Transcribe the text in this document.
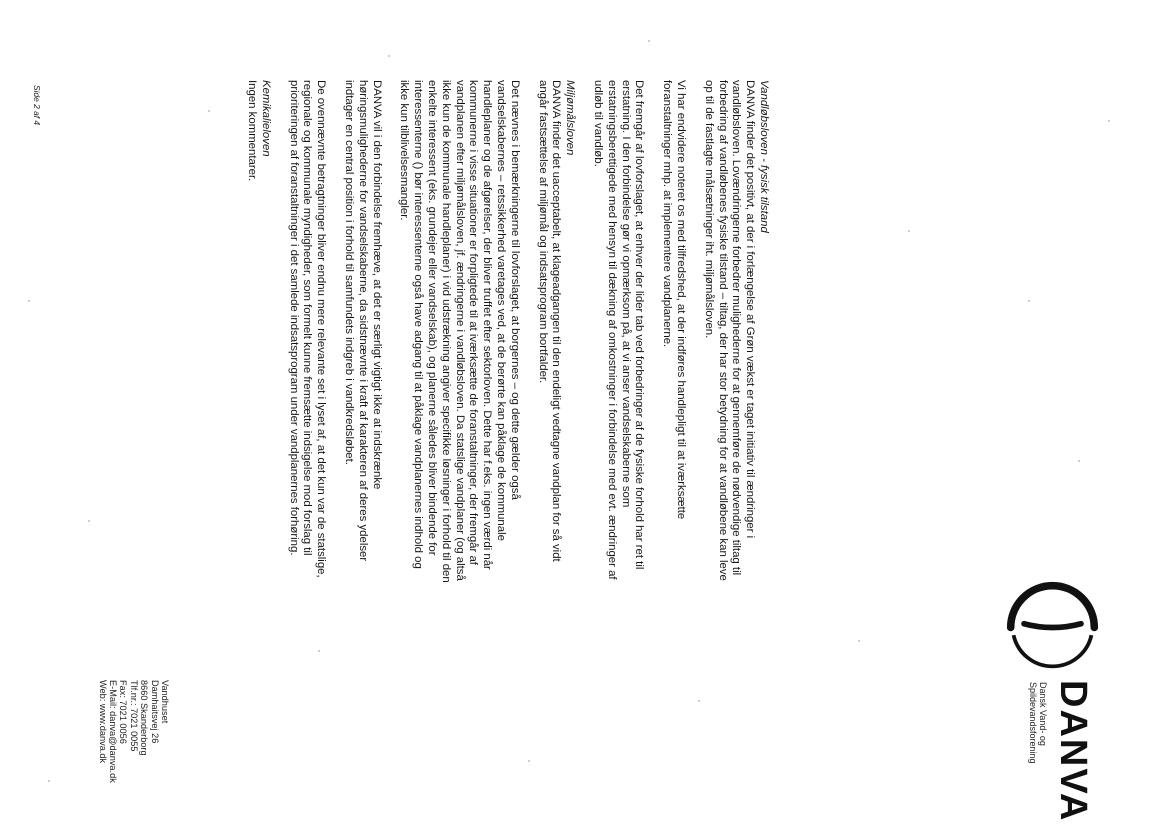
DANVA
Dansk Vand- og
Spildevandsforening
Vandløbsloven - fysisk tilstand

DANVA finder det positivt, at der i forlængelse af Grøn vækst er taget initiativ til ændringer i vandløbsloven. Lovændringerne forbedrer mulighederne for at gennemføre de nødvendige tiltag til forbedring af vandløbenes fysiske tilstand – tiltag, der har stor betydning for at vandløbene kan leve op til de fastlagte målsætninger iht. miljømålsloven.

Vi har endvidere noteret os med tilfredshed, at der indføres handlepligt til at iværksætte foranstaltninger mhp. at implementere vandplanerne.

Det fremgår af lovforslaget, at enhver der lider tab ved forbedringer af de fysiske forhold har ret til erstatning. I den forbindelse gør vi opmærksom på, at vi anser vandselskaberne som erstatningsberettigede med hensyn til dækning af omkostninger i forbindelse med evt. ændringer af udløb til vandløb.

Miljømålsloven

DANVA finder det uacceptabelt, at klageadgangen til den endeligt vedtagne vandplan for så vidt angår fastsættelse af miljømål og indsatsprogram bortfalder.

Det nævnes i bemærkningerne til lovforslaget, at borgernes – og dette gælder også vandselskabernes – retssikkerhed varetages ved, at de berørte kan påklage de kommunale handleplaner og de afgørelser, der bliver truffet efter sektorloven. Dette har f.eks. ingen værdi når kommunerne i visse situationer er forpligtede til at iværksætte de foranstaltninger, der fremgår af vandplanen efter miljømålsloven, jf. ændringerne i vandløbsloven. Da statslige vandplaner (og altså ikke kun de kommunale handleplaner) i vid udstrækning angiver specifikke løsninger i forhold til den enkelte interessent (eks. grundejer eller vandselskab), og planerne således bliver bindende for interessenterne () bør interessenterne også have adgang til at påklage vandplanernes indhold og ikke kun tilblivelsesmangler.

DANVA vil i den forbindelse fremhæve, at det er særligt vigtigt ikke at indskrænke høringsmulighederne for vandselskaberne, da sidstnævnte i kraft af karakteren af deres ydelser indtager en central position i forhold til samfundets indgreb i vandkredsløbet.

De ovennævnte betragtninger bliver endnu mere relevante set i lyset af, at det kun var de statslige, regionale og kommunale myndigheder, som formelt kunne fremsætte indsigelse mod forslag til prioriteringen af foranstaltninger i det samlede indsatsprogram under vandplanernes forhøring.

Kemikalieloven

Ingen kommentarer.

Vandhuset
Damhaitsvej 26
8660 Skanderborg
Tlf.nr.: 7021 0055
Fax: 7021 0056
E-Mail: danva@danva.dk
Web: www.danva.dk
Side 2 af 4
